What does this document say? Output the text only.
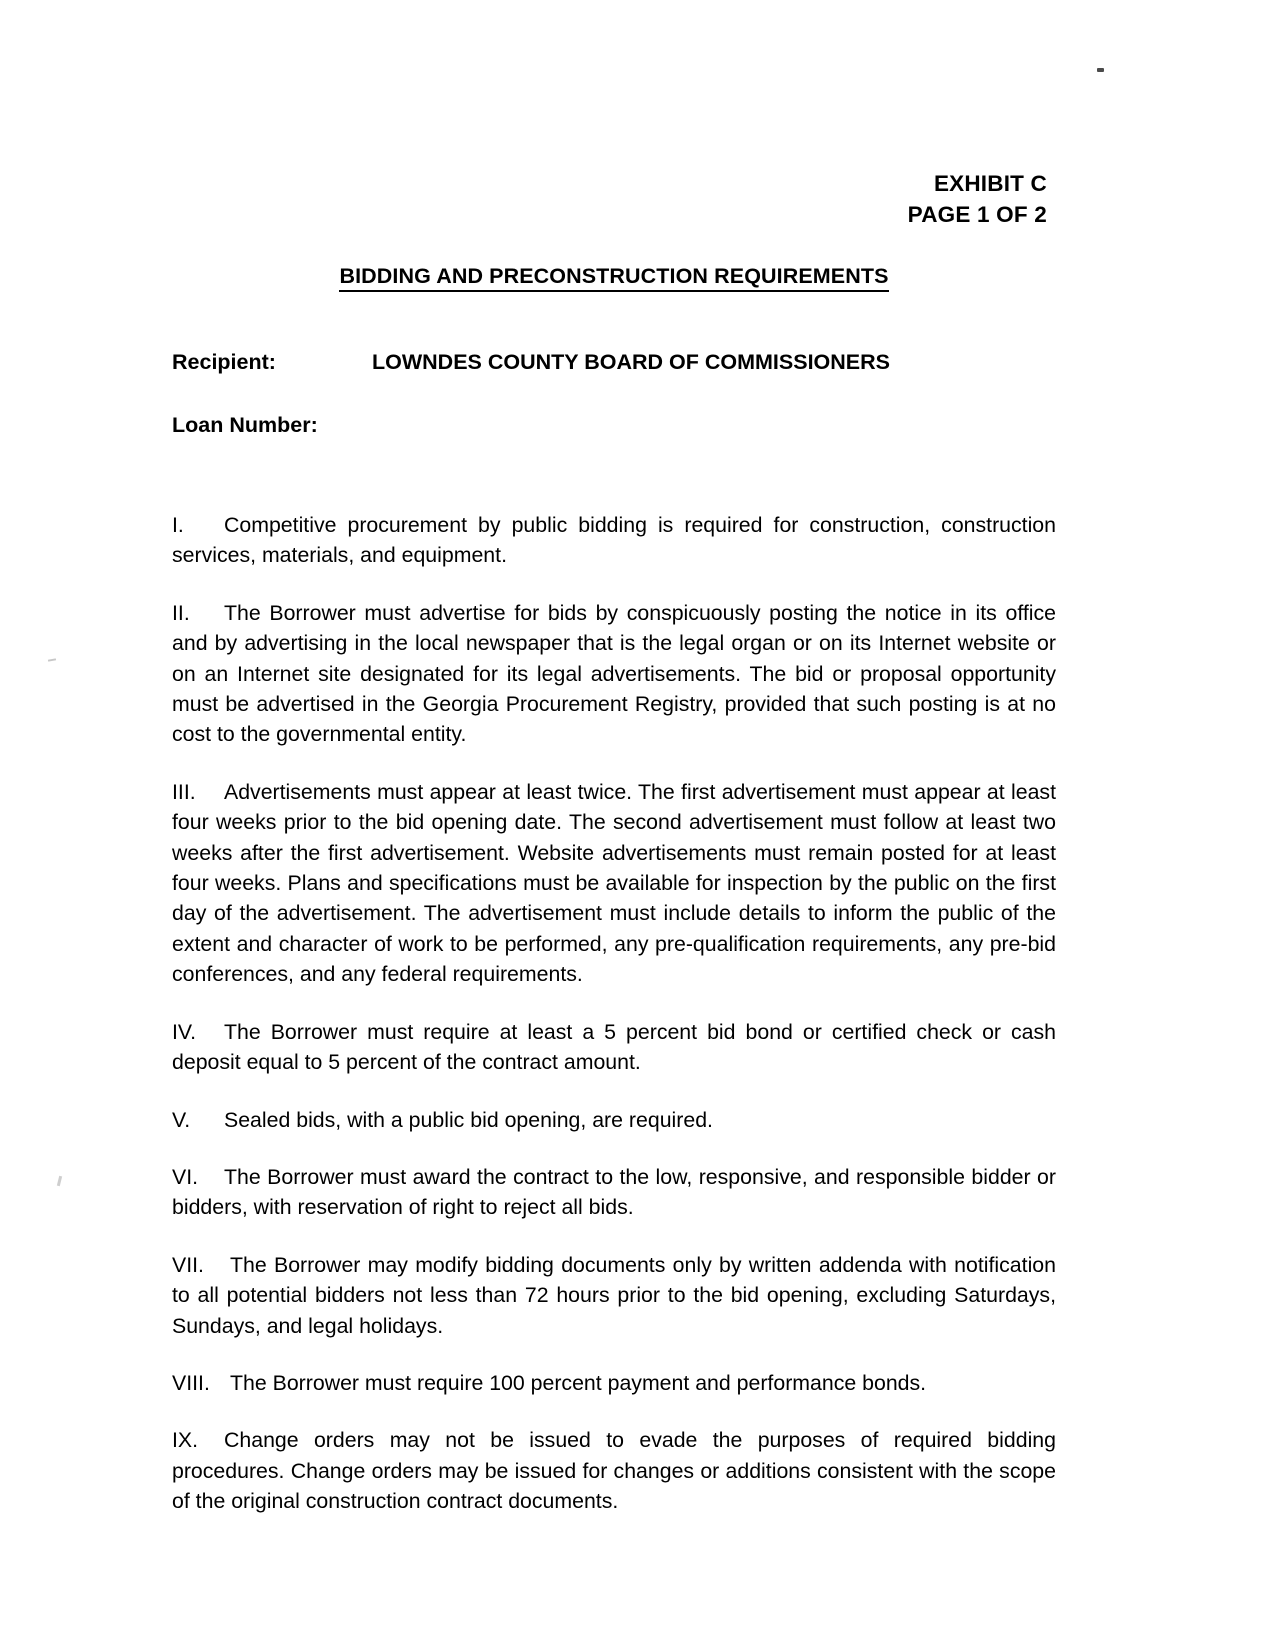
EXHIBIT C
PAGE 1 OF 2
BIDDING AND PRECONSTRUCTION REQUIREMENTS
Recipient:	LOWNDES COUNTY BOARD OF COMMISSIONERS
Loan Number:

I. Competitive procurement by public bidding is required for construction, construction services, materials, and equipment.

II. The Borrower must advertise for bids by conspicuously posting the notice in its office and by advertising in the local newspaper that is the legal organ or on its Internet website or on an Internet site designated for its legal advertisements. The bid or proposal opportunity must be advertised in the Georgia Procurement Registry, provided that such posting is at no cost to the governmental entity.

III. Advertisements must appear at least twice. The first advertisement must appear at least four weeks prior to the bid opening date. The second advertisement must follow at least two weeks after the first advertisement. Website advertisements must remain posted for at least four weeks. Plans and specifications must be available for inspection by the public on the first day of the advertisement. The advertisement must include details to inform the public of the extent and character of work to be performed, any pre-qualification requirements, any pre-bid conferences, and any federal requirements.

IV. The Borrower must require at least a 5 percent bid bond or certified check or cash deposit equal to 5 percent of the contract amount.

V. Sealed bids, with a public bid opening, are required.

VI. The Borrower must award the contract to the low, responsive, and responsible bidder or bidders, with reservation of right to reject all bids.

VII. The Borrower may modify bidding documents only by written addenda with notification to all potential bidders not less than 72 hours prior to the bid opening, excluding Saturdays, Sundays, and legal holidays.

VIII. The Borrower must require 100 percent payment and performance bonds.

IX. Change orders may not be issued to evade the purposes of required bidding procedures. Change orders may be issued for changes or additions consistent with the scope of the original construction contract documents.
